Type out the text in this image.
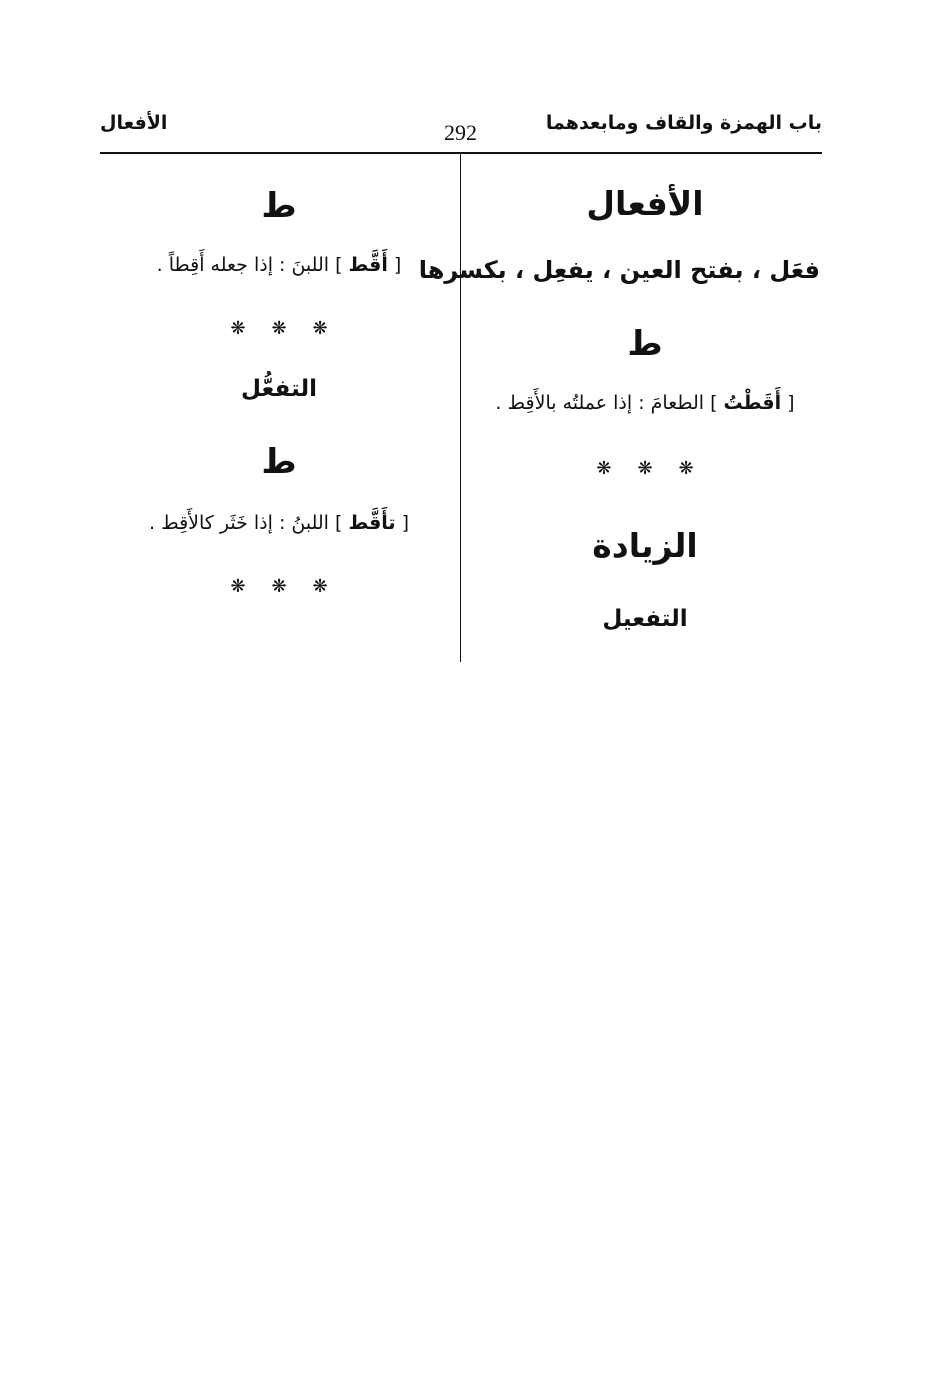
باب الهمزة والقاف ومابعدهما
292
الأفعال
الأفعال
فعَل ، بفتح العين ، يفعِل ، بكسرها
ط
[ أَقَطْتُ ] الطعامَ : إذا عملتُه بالأَقِط .
❋ ❋ ❋
الزيادة
التفعيل
ط
[ أَقَّط ] اللبنَ : إذا جعله أَقِطاً .
❋ ❋ ❋
التفعُّل
ط
[ تأَقَّط ] اللبنُ : إذا خَثَر كالأَقِط .
❋ ❋ ❋
